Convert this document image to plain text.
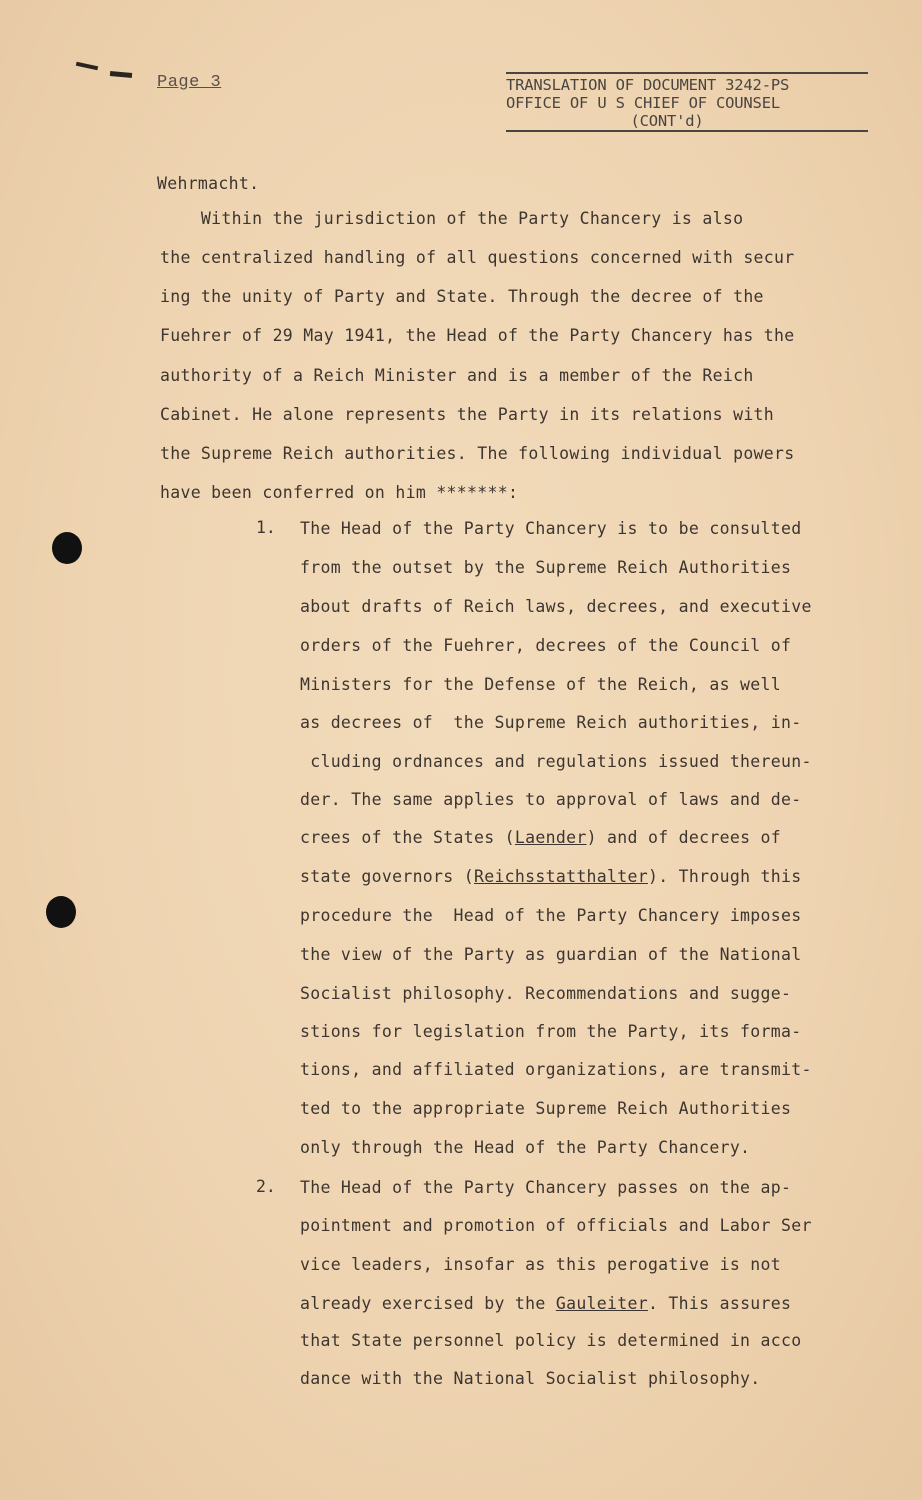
Page 3	TRANSLATION OF DOCUMENT 3242-PS
OFFICE OF U S CHIEF OF COUNSEL
(CONT'd)
Wehrmacht.
Within the jurisdiction of the Party Chancery is also
the centralized handling of all questions concerned with secur
ing the unity of Party and State. Through the decree of the
Fuehrer of 29 May 1941, the Head of the Party Chancery has the
authority of a Reich Minister and is a member of the Reich
Cabinet. He alone represents the Party in its relations with
the Supreme Reich authorities. The following individual powers
have been conferred on him *******:
1. The Head of the Party Chancery is to be consulted
from the outset by the Supreme Reich Authorities
about drafts of Reich laws, decrees, and executive
orders of the Fuehrer, decrees of the Council of
Ministers for the Defense of the Reich, as well
as decrees of  the Supreme Reich authorities, in-
cluding ordnances and regulations issued thereun-
der. The same applies to approval of laws and de-
crees of the States (Laender) and of decrees of
state governors (Reichsstatthalter). Through this
procedure the  Head of the Party Chancery imposes
the view of the Party as guardian of the National
Socialist philosophy. Recommendations and sugge-
stions for legislation from the Party, its forma-
tions, and affiliated organizations, are transmit-
ted to the appropriate Supreme Reich Authorities
only through the Head of the Party Chancery.
2. The Head of the Party Chancery passes on the ap-
pointment and promotion of officials and Labor Ser
vice leaders, insofar as this perogative is not
already exercised by the Gauleiter. This assures
that State personnel policy is determined in acco
dance with the National Socialist philosophy.
